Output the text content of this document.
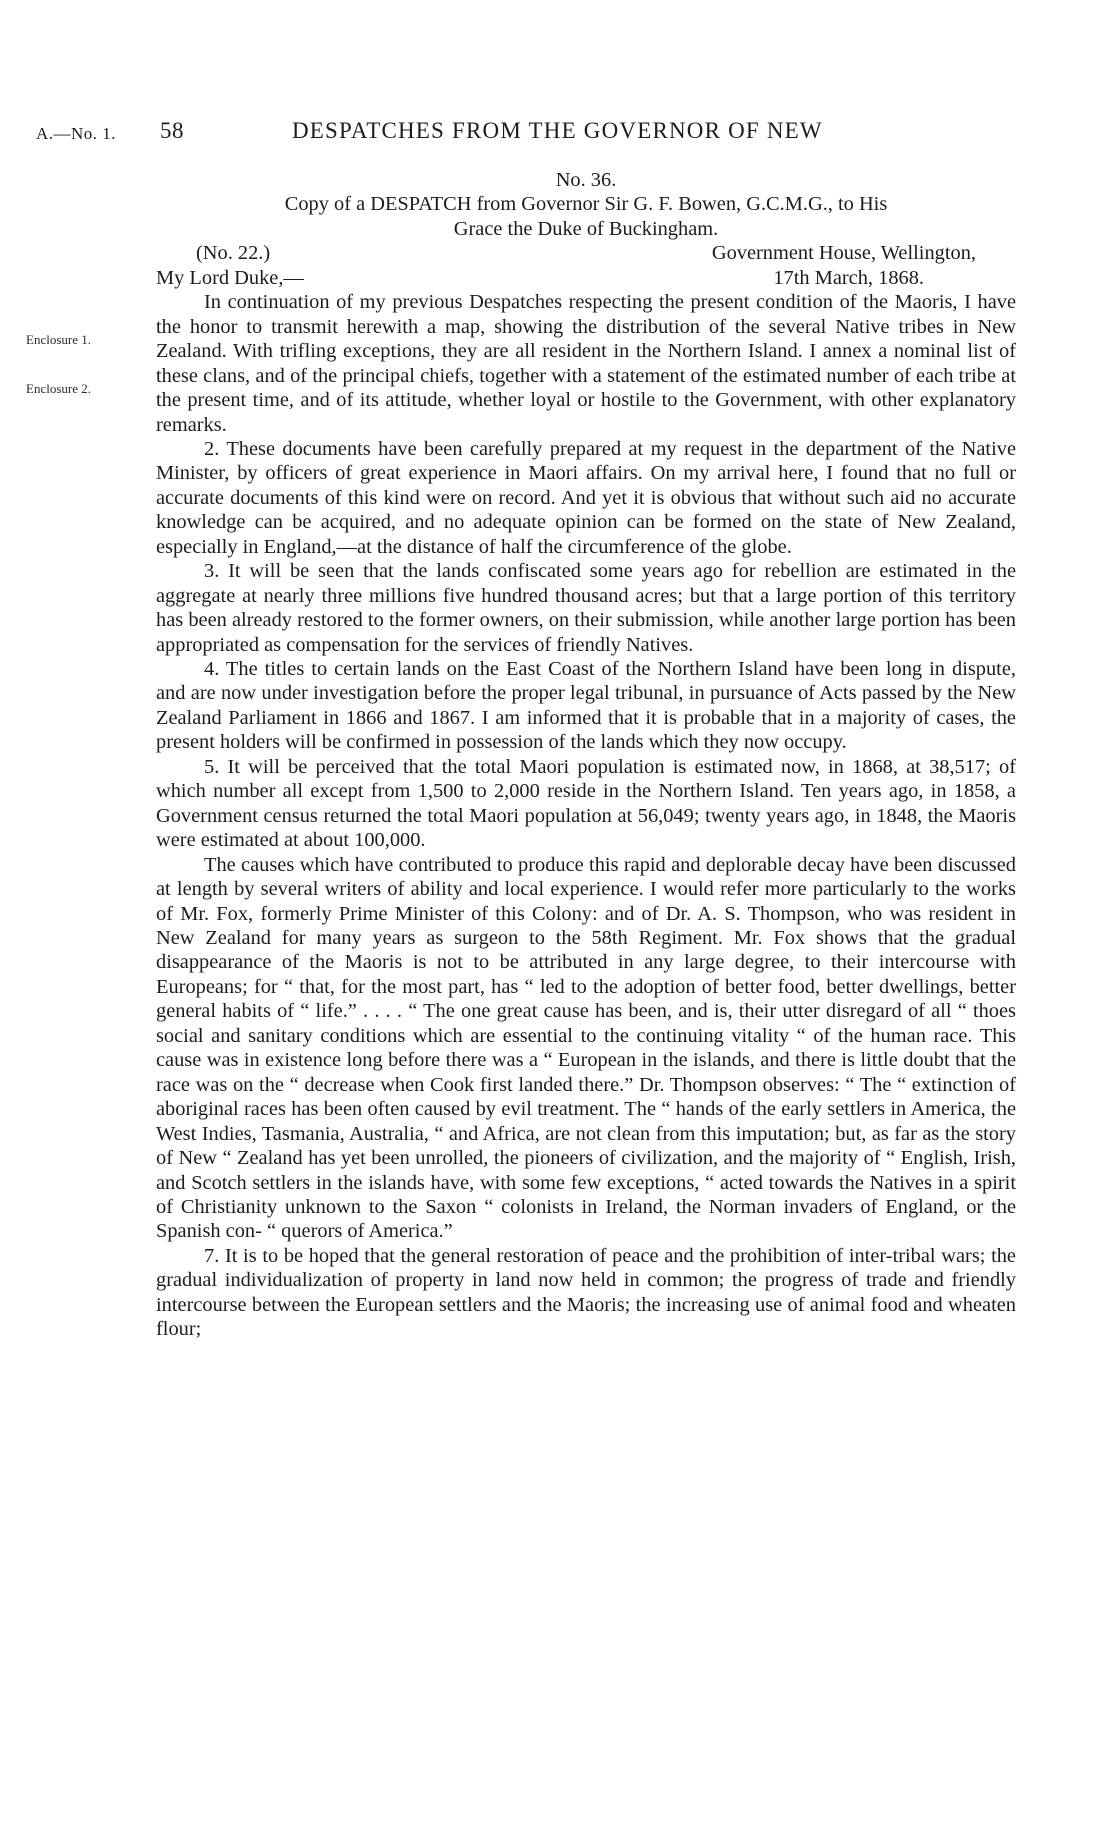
A.—No. 1. 58	DESPATCHES FROM THE GOVERNOR OF NEW
Enclosure 1.
Enclosure 2.
No. 36.
Copy of a DESPATCH from Governor Sir G. F. Bowen, G.C.M.G., to His
Grace the Duke of Buckingham.
(No. 22.)	Government House, Wellington,
My Lord Duke,—	17th March, 1868.

In continuation of my previous Despatches respecting the present condition of the Maoris, I have the honor to transmit herewith a map, showing the distribution of the several Native tribes in New Zealand. With trifling exceptions, they are all resident in the Northern Island. I annex a nominal list of these clans, and of the principal chiefs, together with a statement of the estimated number of each tribe at the present time, and of its attitude, whether loyal or hostile to the Government, with other explanatory remarks.

2. These documents have been carefully prepared at my request in the department of the Native Minister, by officers of great experience in Maori affairs. On my arrival here, I found that no full or accurate documents of this kind were on record. And yet it is obvious that without such aid no accurate knowledge can be acquired, and no adequate opinion can be formed on the state of New Zealand, especially in England,—at the distance of half the circumference of the globe.

3. It will be seen that the lands confiscated some years ago for rebellion are estimated in the aggregate at nearly three millions five hundred thousand acres; but that a large portion of this territory has been already restored to the former owners, on their submission, while another large portion has been appropriated as compensation for the services of friendly Natives.

4. The titles to certain lands on the East Coast of the Northern Island have been long in dispute, and are now under investigation before the proper legal tribunal, in pursuance of Acts passed by the New Zealand Parliament in 1866 and 1867. I am informed that it is probable that in a majority of cases, the present holders will be confirmed in possession of the lands which they now occupy.

5. It will be perceived that the total Maori population is estimated now, in 1868, at 38,517; of which number all except from 1,500 to 2,000 reside in the Northern Island. Ten years ago, in 1858, a Government census returned the total Maori population at 56,049; twenty years ago, in 1848, the Maoris were estimated at about 100,000.

The causes which have contributed to produce this rapid and deplorable decay have been discussed at length by several writers of ability and local experience. I would refer more particularly to the works of Mr. Fox, formerly Prime Minister of this Colony: and of Dr. A. S. Thompson, who was resident in New Zealand for many years as surgeon to the 58th Regiment. Mr. Fox shows that the gradual disappearance of the Maoris is not to be attributed in any large degree, to their intercourse with Europeans; for “ that, for the most part, has “ led to the adoption of better food, better dwellings, better general habits of “ life.” . . . . “ The one great cause has been, and is, their utter disregard of all “ thoes social and sanitary conditions which are essential to the continuing vitality “ of the human race. This cause was in existence long before there was a “ European in the islands, and there is little doubt that the race was on the “ decrease when Cook first landed there.” Dr. Thompson observes: “ The “ extinction of aboriginal races has been often caused by evil treatment. The “ hands of the early settlers in America, the West Indies, Tasmania, Australia, “ and Africa, are not clean from this imputation; but, as far as the story of New “ Zealand has yet been unrolled, the pioneers of civilization, and the majority of “ English, Irish, and Scotch settlers in the islands have, with some few exceptions, “ acted towards the Natives in a spirit of Christianity unknown to the Saxon “ colonists in Ireland, the Norman invaders of England, or the Spanish con- “ querors of America.”

7. It is to be hoped that the general restoration of peace and the prohibition of inter-tribal wars; the gradual individualization of property in land now held in common; the progress of trade and friendly intercourse between the European settlers and the Maoris; the increasing use of animal food and wheaten flour;
